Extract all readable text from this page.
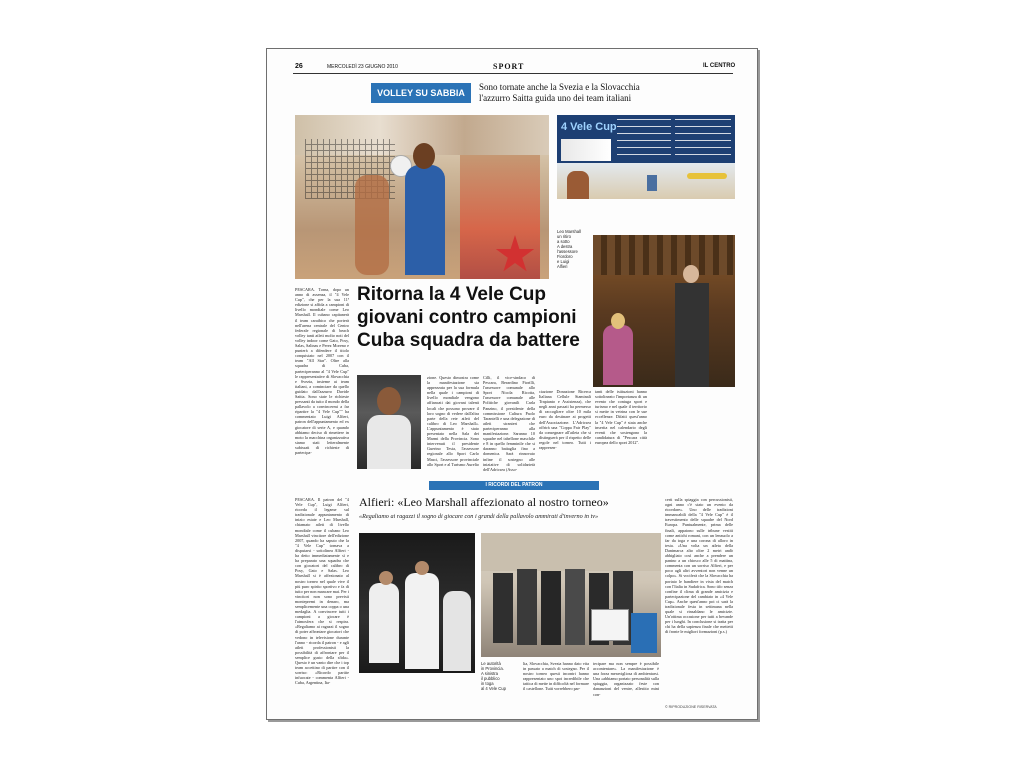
26	MERCOLEDÌ 23 GIUGNO 2010	SPORT	IL CENTRO
VOLLEY SU SABBIA
Sono tornate anche la Svezia e la Slovacchia
l'azzurro Saitta guida uno dei team italiani
4 Vele Cup
Leo Marshall
un ritiro
a sotto
A destra
l'assessore
Fiordoro
e Luigi
Alfieri
PESCARA. Torna, dopo un anno di assenza, il "4 Vele Cup", che per la sua 11ª edizione si affida a campioni di livello mondiale come Leo Marshall. Il cubano capitanerà il team caraibico che porterà nell'arena centrale del Centro federale regionale di beach volley tanti atleti molto noti del volley indoor come Gato, Posy, Salas, Salinas e Perez Moreno e punterà a difendere il titolo conquistato nel 2007 con il team "All Star". Oltre alla squadra di Cuba, parteciperanno al "4 Vele Cup" le rappresentative di Slovacchia e Svezia, insieme ai team italiani, a cominciare da quello guidato dall'azzurro Davide Saitta. Sono state le richieste pressanti da tutto il mondo della pallavolo a convincermi a far ripartire la "4 Vele Cup"" ha commentato Luigi Alfieri, patron dell'appuntamento ed ex giocatore di serie A, e quando abbiamo deciso di rimettere in moto la macchina organizzativa siamo stati letteralmente subissati di richieste di partecipa-
Ritorna la 4 Vele Cup
giovani contro campioni
Cuba squadra da battere
zione. Questo dimostra come la manifestazione sia apprezzata per la sua formula nella quale i campioni di livello mondiale vengono affiancati dai giovani talenti locali che possono provare il loro sogno di vedere dall'altra parte della rete atleti del calibro di Leo Marshall». L'appuntamento è stato presentato nella Sala dei Marmi della Provincia. Sono intervenuti il presidente Guerino Testa, l'assessore regionale allo Sport Carlo Masci, l'assessore provinciale allo Sport e al Turismo Aurelio
Cilli, il vice-sindaco di Pescara, Berardino Fiorilli, l'assessore comunale allo Sport Nicola Ricotta, l'assessore comunale alle Politiche giovanili Carla Panzino, il presidente della commissione Cultura Paolo Tarantelli e una delegazione di atleti stranieri che parteciperanno alla manifestazione. Saranno 10 squadre nel tabellone maschile e 8 in quello femminile che si daranno battaglia fino a domenica. Sarà rinnovato infine il sostegno alle iniziative di solidarietà dell'Adricsea (Asso-
ciazione Donazione Ricerca Italiana Cellule Staminali Trapianto e Assistenza), che negli anni passati ha permesso di raccogliere oltre 10 mila euro da destinare ai progetti dell'Associazione. L'Adricsea offrirà una "Coppa Fair Play" da consegnare all'atleta che si distinguerà per il rispetto delle regole nel torneo. Tutti i rappresen-
tanti delle istituzioni hanno sottolineato l'importanza di un evento che coniuga sport e turismo e nel quale il territorio si mette in vetrina con le sue eccellenze. Difatti quest'anno la "4 Vele Cup" è stata anche inserita nel calendario degli eventi che sostengono la candidatura di "Pescara città europea dello sport 2012".
I RICORDI DEL PATRON
PESCARA. Il patron del "4 Vele Cup", Luigi Alfieri, ricorda il legame sul tradizionale appuntamento di inizio estate e Leo Marshall, chiamato atleti di livello mondiale come il cubano Leo Marshall vincitore dell'edizione 2007, quando ha saputo che la "4 Vele Cup" tornava a disputarsi - sottolinea Alfieri - ha detto immediatamente sì e ha preparato una squadra che con giocatori del calibro di Posy, Gato e Salas. Leo Marshall si è affezionato al nostro torneo nel quale vive il più puro spirito sportivo e fa di tutto per non mancare mai. Per i vincitori non sono previsti montepremi in denaro, ma semplicemente una coppa o una medaglia. A convincere tutti i campioni a giocare è l'atmosfera che si respira. «Regaliamo ai ragazzi il sogno di poter affrontare giocatori che vedono in televisione durante l'anno - ricorda il patron - e agli atleti professionisti la possibilità di affrontare per il semplice gusto della sfida». Questo è un vanto dire che i top team accettino di partire con il sorriso: «Ricordo partite infuocate - commenta Alfieri - Cuba, Argentina, Ita-
Alfieri: «Leo Marshall affezionato al nostro torneo»
«Regaliamo ai ragazzi il sogno di giocare con i grandi della pallavolo ammirati d'inverno in tv»
Le autorità
in Provincia.
A sinistra
il pubblico
in toga
al 4 Vele Cup
lia, Slovacchia, Svezia hanno dato vita in passato a match di sostegno. Per il nostro torneo questi incontri hanno rappresentato uno spot incredibile che tattica di mette in difficoltà nel formare il castellone. Tutti vorrebbero par-
tecipare ma non sempre è possibile accontentare». La manifestazione è una forza meravigliosa di ambientarsi. Una «abbiamo portato personalità sulla spiaggia, organizzato feste con dananzioni del ventre, allestito mini con-
certi sulla spiaggia con percussionisti, ogni anno c'è stato un evento da ricordare». Uno delle tradizioni immancabili della "4 Vele Cup" è il travestimento delle squadre del Nord Europa. Puntualmente, prima delle finali, appaiono sulle tribune vestiti come antichi romani, con un lenzuolo a far da toga e una corona di alloro in testa. «Una volta un atleta della Danimarca alto oltre 2 metri andò abbigliato così anche a prendere un panino a un chiosco alle 5 di mattina, commenta con un sorriso Alfieri, e per poco agli altri avventori non venne un colpo». Si vociferà che la Slovacchia ha portato le bandiere in vista del match con l'Italia in Sudafrica. Sono tifo senza confine il clima di grande amicizia e partecipazione del cambiato in «4 Vele Cup». Anche quest'anno poi ci sarà la tradizionale festa in settimana nella quale si rinsaldano le amicizie. Un'ottima occasione per tutti a bevande per i lunghi. In conclusione si tratta per chi ha della sapienza finale che mettetti di fronte le migliori formazioni (p.s.)
© RIPRODUZIONE RISERVATA
